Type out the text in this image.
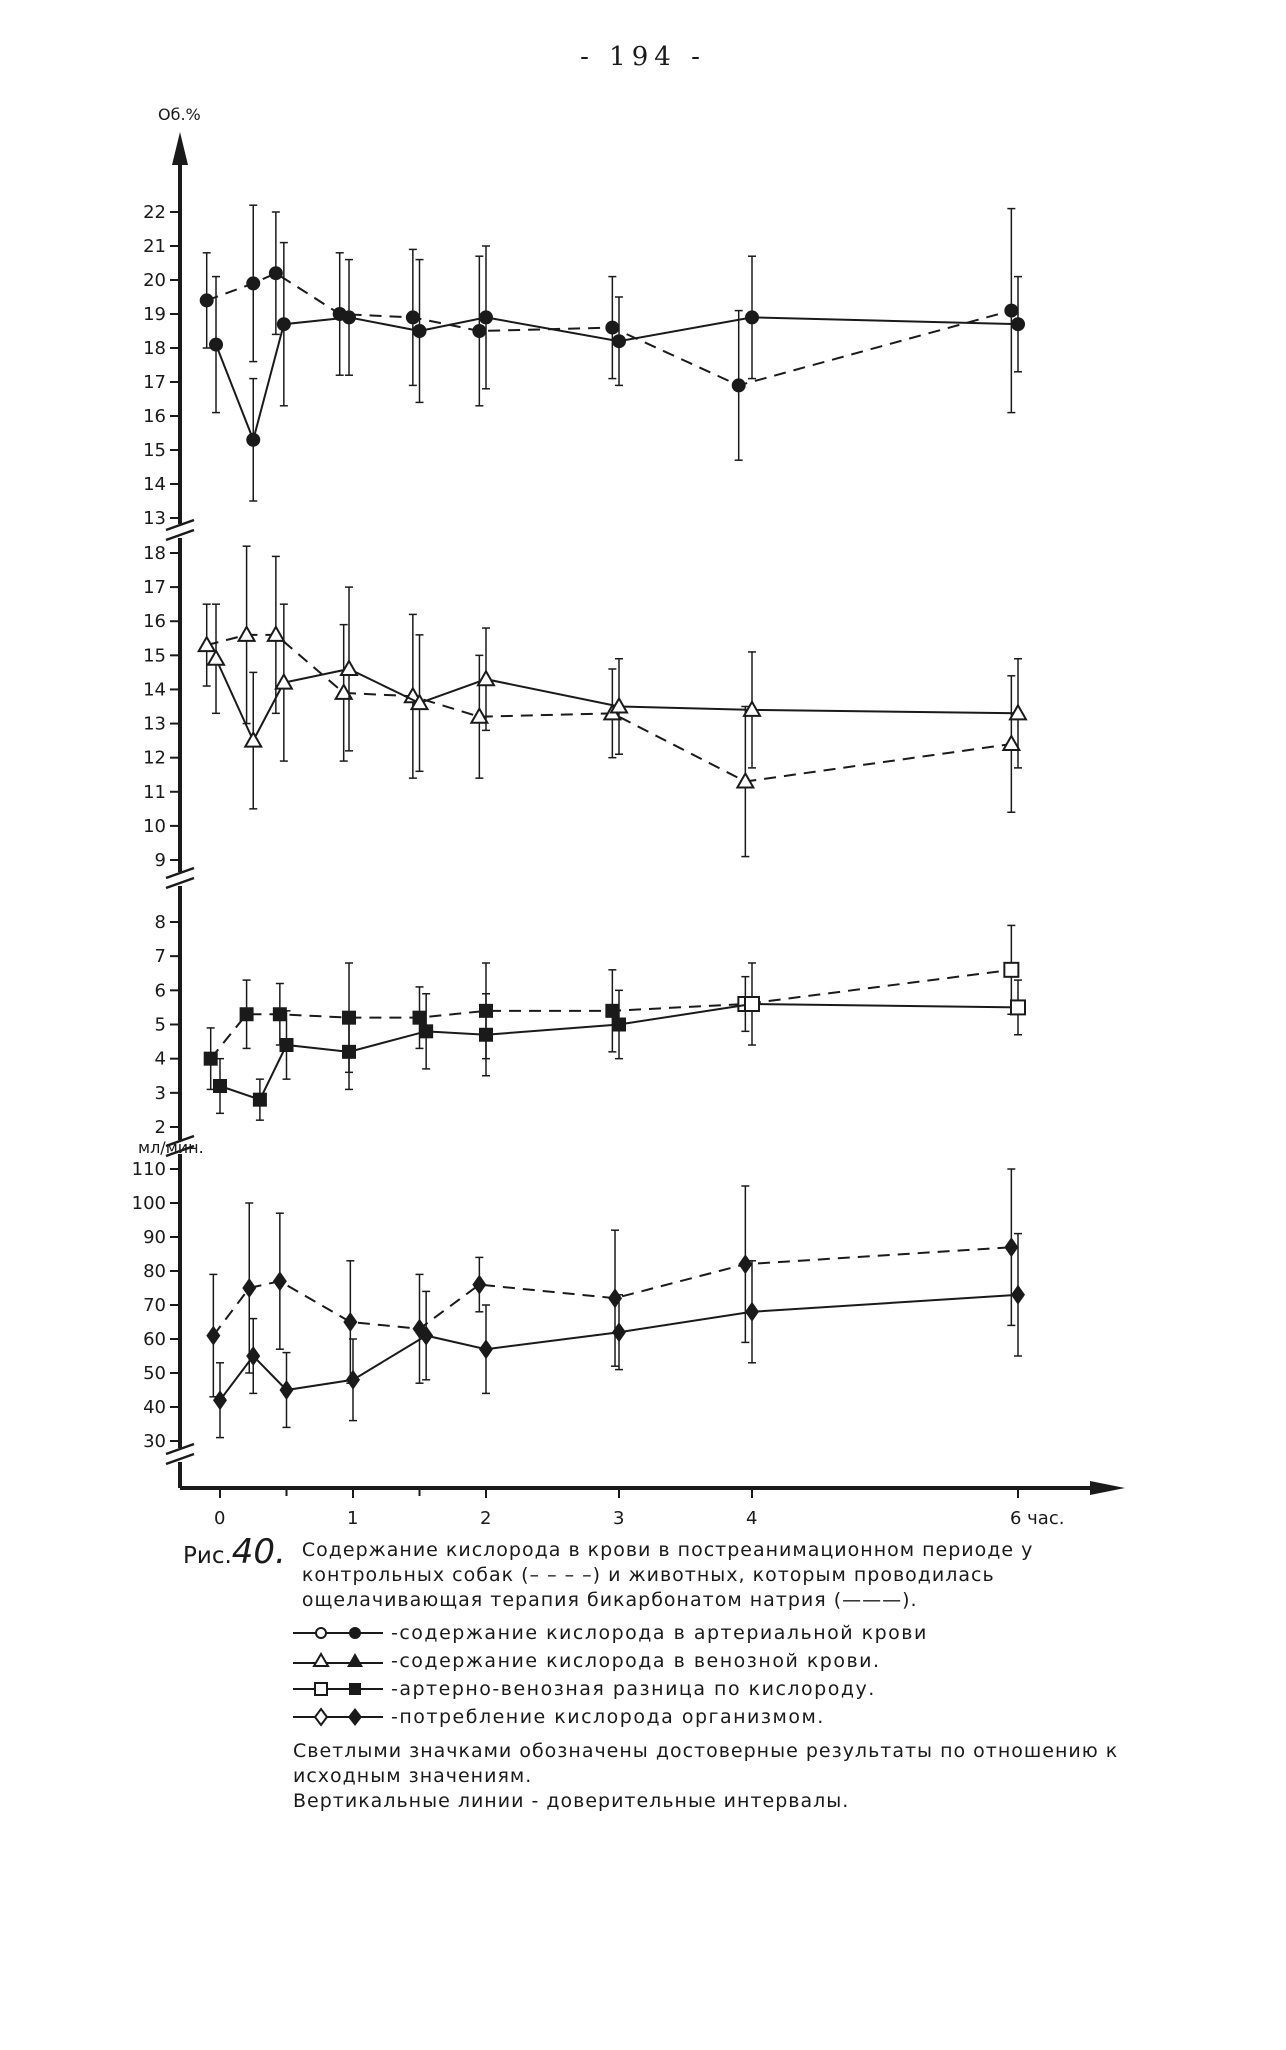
- 194 -
Об.%
мл/мин.
0	1	2	3	4	6 час.
13
14
15
16
17
18
19
20
21
22
9
10
11
12
13
14
15
16
17
18
2
3
4
5
6
7
8
30
40
50
60
70
80
90
100
110
Рис.40. Содержание кислорода в крови в постреанимационном периоде у контрольных собак (– – – –) и животных, которым проводилась ощелачивающая терапия бикарбонатом натрия (———).
-содержание кислорода в артериальной крови
-содержание кислорода в венозной крови.
-артерно-венозная разница по кислороду.
-потребление кислорода организмом.
Светлыми значками обозначены достоверные результаты по отношению к исходным значениям.
Вертикальные линии - доверительные интервалы.
